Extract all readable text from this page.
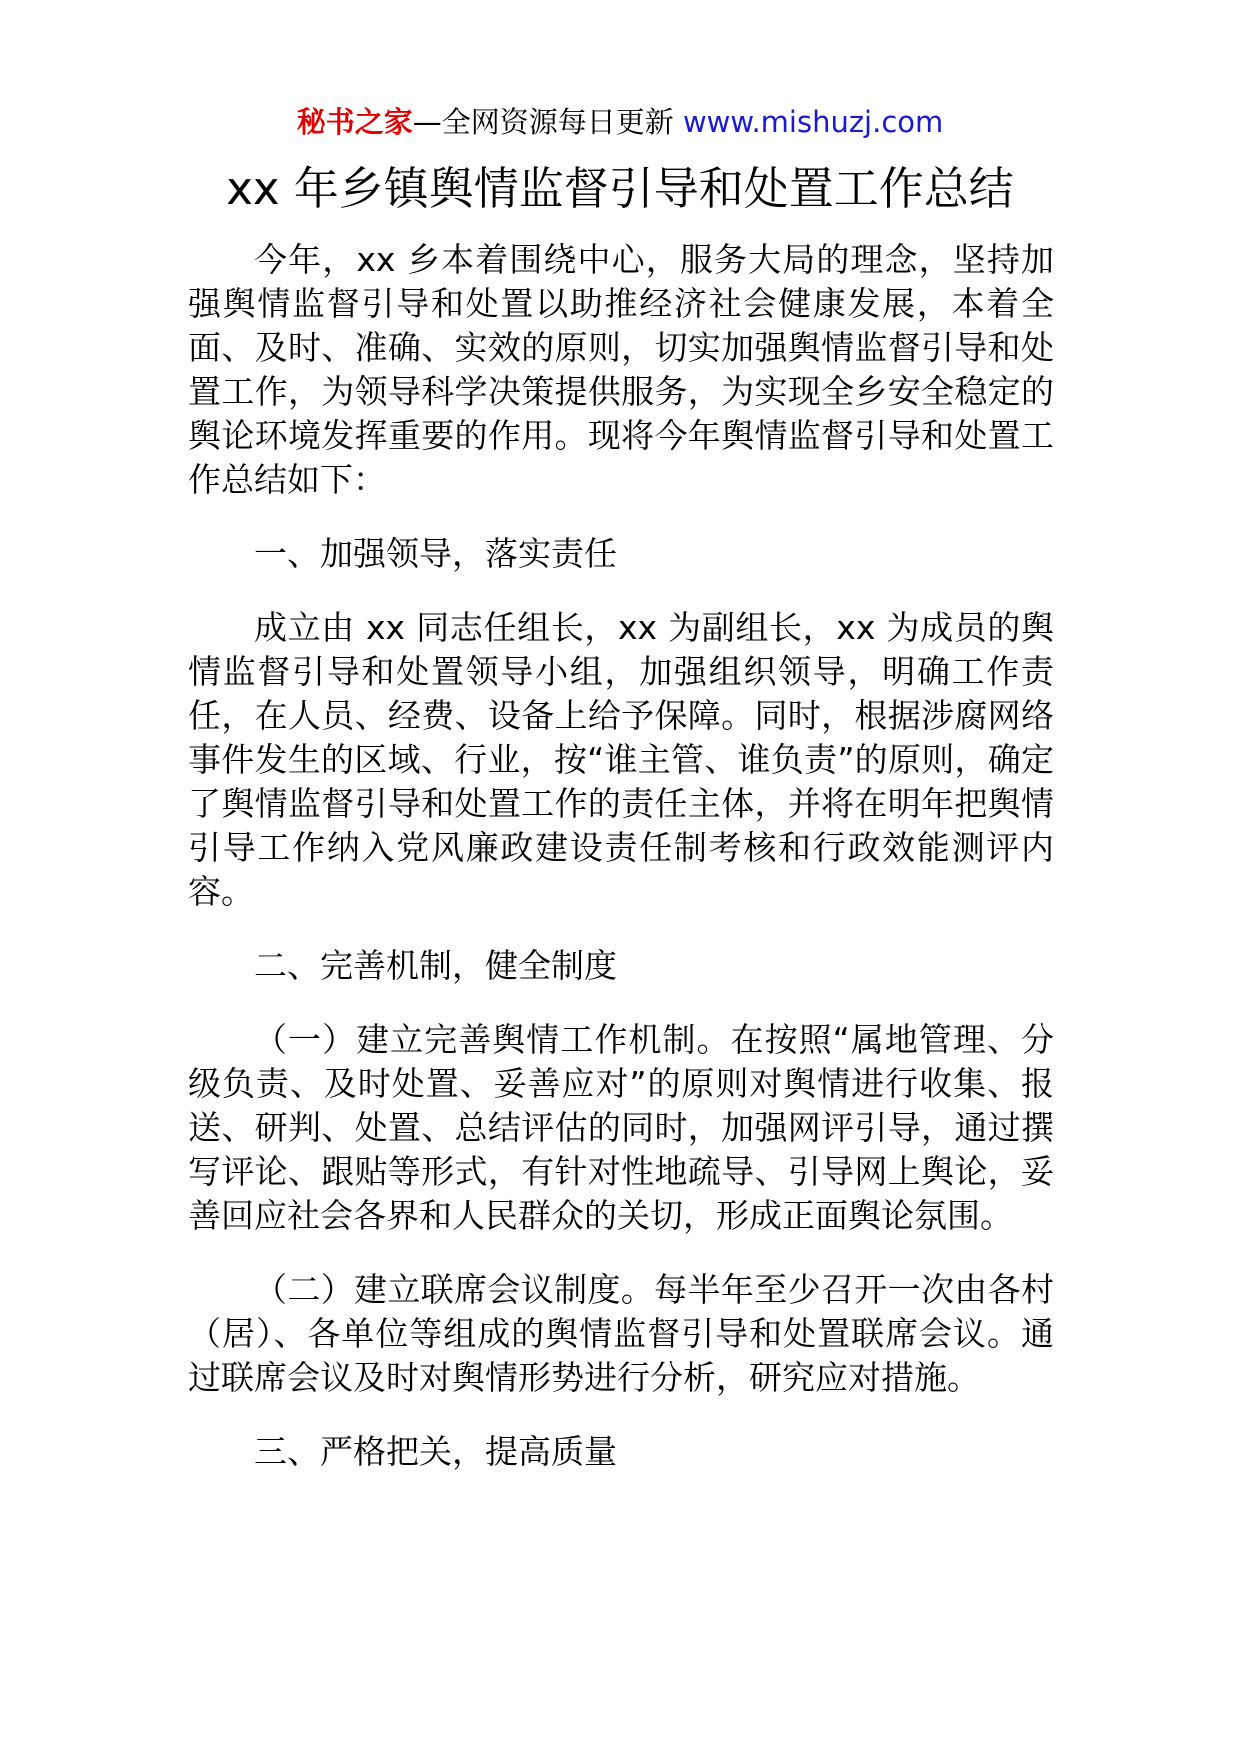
秘书之家—全网资源每日更新 www.mishuzj.com
xx 年乡镇舆情监督引导和处置工作总结

今年，xx 乡本着围绕中心，服务大局的理念，坚持加强舆情监督引导和处置以助推经济社会健康发展，本着全面、及时、准确、实效的原则，切实加强舆情监督引导和处置工作，为领导科学决策提供服务，为实现全乡安全稳定的舆论环境发挥重要的作用。现将今年舆情监督引导和处置工作总结如下：

一、加强领导，落实责任

成立由 xx 同志任组长，xx 为副组长，xx 为成员的舆情监督引导和处置领导小组，加强组织领导，明确工作责任，在人员、经费、设备上给予保障。同时，根据涉腐网络事件发生的区域、行业，按“谁主管、谁负责”的原则，确定了舆情监督引导和处置工作的责任主体，并将在明年把舆情引导工作纳入党风廉政建设责任制考核和行政效能测评内容。

二、完善机制，健全制度

（一）建立完善舆情工作机制。在按照“属地管理、分级负责、及时处置、妥善应对”的原则对舆情进行收集、报送、研判、处置、总结评估的同时，加强网评引导，通过撰写评论、跟贴等形式，有针对性地疏导、引导网上舆论，妥善回应社会各界和人民群众的关切，形成正面舆论氛围。

（二）建立联席会议制度。每半年至少召开一次由各村（居）、各单位等组成的舆情监督引导和处置联席会议。通过联席会议及时对舆情形势进行分析，研究应对措施。

三、严格把关，提高质量
